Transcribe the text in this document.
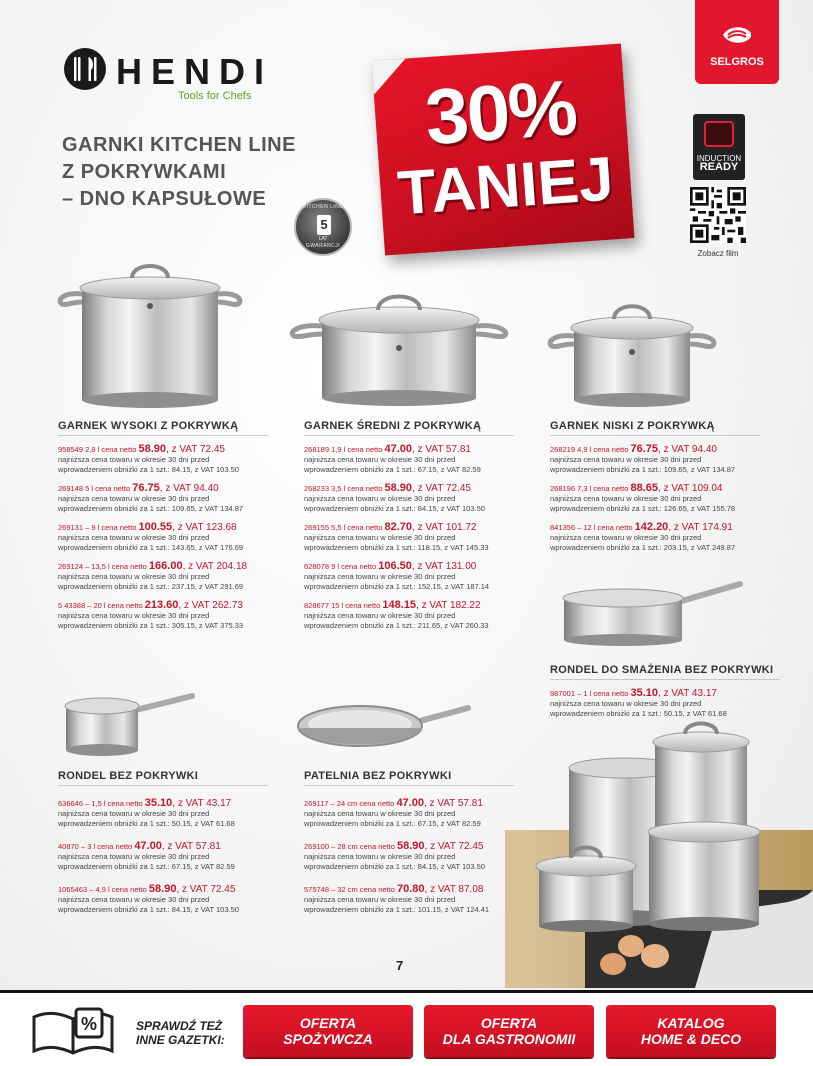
HENDI
Tools for Chefs
GARNKI KITCHEN LINE
Z POKRYWKAMI
– DNO KAPSUŁOWE	KITCHEN LINE
5
LAT
GWARANCJI
30%
TANIEJ
SELGROS
INDUCTION
READY
Zobacz film
GARNEK WYSOKI Z POKRYWKĄ
958549 2,8 l cena netto 58.90, z VAT 72.45
najniższa cena towaru w okresie 30 dni przed
wprowadzeniem obniżki za 1 szt.: 84.15, z VAT 103.50
269148 5 l cena netto 76.75, z VAT 94.40
najniższa cena towaru w okresie 30 dni przed
wprowadzeniem obniżki za 1 szt.: 109.65, z VAT 134.87
269131 – 9 l cena netto 100.55, z VAT 123.68
najniższa cena towaru w okresie 30 dni przed
wprowadzeniem obniżki za 1 szt.: 143.65, z VAT 176.69
269124 – 13,5 l cena netto 166.00, z VAT 204.18
najniższa cena towaru w okresie 30 dni przed
wprowadzeniem obniżki za 1 szt.: 237.15, z VAT 291.69
5 43388 – 20 l cena netto 213.60, z VAT 262.73
najniższa cena towaru w okresie 30 dni przed
wprowadzeniem obniżki za 1 szt.: 305.15, z VAT 375.33
RONDEL BEZ POKRYWKI
636646 – 1,5 l cena netto 35.10, z VAT 43.17
najniższa cena towaru w okresie 30 dni przed
wprowadzeniem obniżki za 1 szt.: 50.15, z VAT 61.68
40870 – 3 l cena netto 47.00, z VAT 57.81
najniższa cena towaru w okresie 30 dni przed
wprowadzeniem obniżki za 1 szt.: 67.15, z VAT 82.59
1065463 – 4,9 l cena netto 58.90, z VAT 72.45
najniższa cena towaru w okresie 30 dni przed
wprowadzeniem obniżki za 1 szt.: 84.15, z VAT 103.50
GARNEK ŚREDNI Z POKRYWKĄ
268189 1,9 l cena netto 47.00, z VAT 57.81
najniższa cena towaru w okresie 30 dni przed
wprowadzeniem obniżki za 1 szt.: 67.15, z VAT 82.59
268233 3,5 l cena netto 58.90, z VAT 72.45
najniższa cena towaru w okresie 30 dni przed
wprowadzeniem obniżki za 1 szt.: 84.15, z VAT 103.50
269155 5,5 l cena netto 82.70, z VAT 101.72
najniższa cena towaru w okresie 30 dni przed
wprowadzeniem obniżki za 1 szt.: 118.15, z VAT 145.33
628078 9 l cena netto 106.50, z VAT 131.00
najniższa cena towaru w okresie 30 dni przed
wprowadzeniem obniżki za 1 szt.: 152.15, z VAT 187.14
828677 15 l cena netto 148.15, z VAT 182.22
najniższa cena towaru w okresie 30 dni przed
wprowadzeniem obniżki za 1 szt.: 211.65, z VAT 260.33
PATELNIA BEZ POKRYWKI
269117 – 24 cm cena netto 47.00, z VAT 57.81
najniższa cena towaru w okresie 30 dni przed
wprowadzeniem obniżki za 1 szt.: 67.15, z VAT 82.59
269100 – 28 cm cena netto 58.90, z VAT 72.45
najniższa cena towaru w okresie 30 dni przed
wprowadzeniem obniżki za 1 szt.: 84.15, z VAT 103.50
575748 – 32 cm cena netto 70.80, z VAT 87.08
najniższa cena towaru w okresie 30 dni przed
wprowadzeniem obniżki za 1 szt.: 101.15, z VAT 124.41
GARNEK NISKI Z POKRYWKĄ
268219 4,9 l cena netto 76.75, z VAT 94.40
najniższa cena towaru w okresie 30 dni przed
wprowadzeniem obniżki za 1 szt.: 109.65, z VAT 134.87
268196 7,3 l cena netto 88.65, z VAT 109.04
najniższa cena towaru w okresie 30 dni przed
wprowadzeniem obniżki za 1 szt.: 126.65, z VAT 155.78
841356 – 12 l cena netto 142.20, z VAT 174.91
najniższa cena towaru w okresie 30 dni przed
wprowadzeniem obniżki za 1 szt.: 203.15, z VAT 249.87
RONDEL DO SMAŻENIA BEZ POKRYWKI
987001 – 1 l cena netto 35.10, z VAT 43.17
najniższa cena towaru w okresie 30 dni przed
wprowadzeniem obniżki za 1 szt.: 50.15, z VAT 61.68
7
%	SPRAWDŹ TEŻ
INNE GAZETKI:
OFERTA
SPOŻYWCZA
OFERTA
DLA GASTRONOMII
KATALOG
HOME & DECO
